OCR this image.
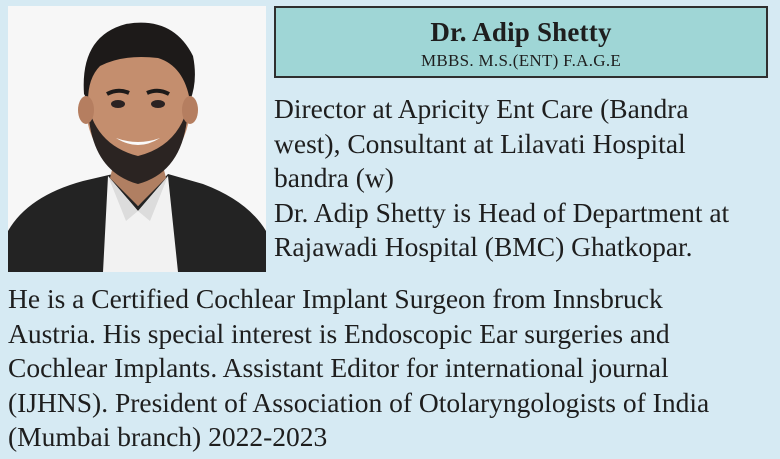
Dr. Adip Shetty
MBBS. M.S.(ENT) F.A.G.E

Director at Apricity Ent Care (Bandra

west), Consultant at Lilavati Hospital

bandra (w)

Dr. Adip Shetty is Head of Department at

Rajawadi Hospital (BMC) Ghatkopar.

He is a Certified Cochlear Implant Surgeon from Innsbruck

Austria. His special interest is Endoscopic Ear surgeries and

Cochlear Implants. Assistant Editor for international journal

(IJHNS). President of Association of Otolaryngologists of India

(Mumbai branch) 2022-2023
